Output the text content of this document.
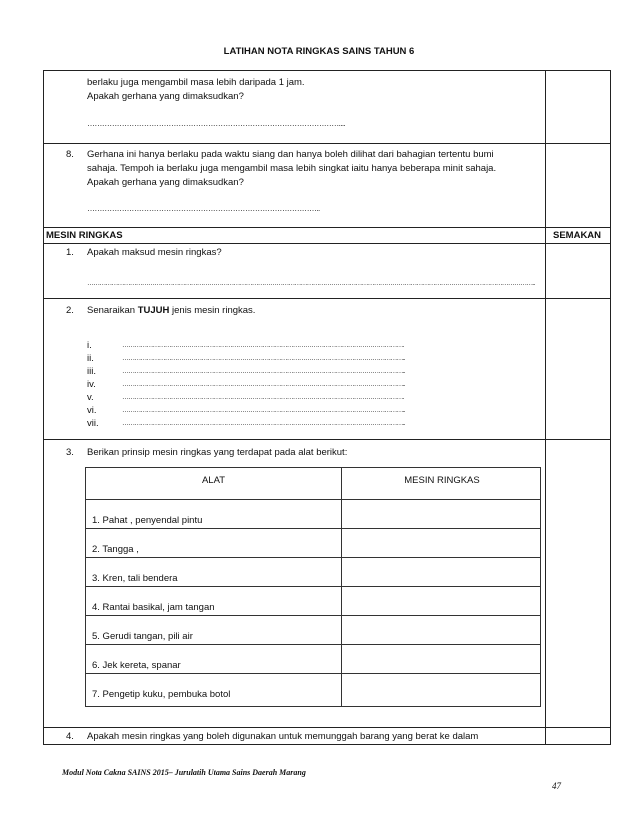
LATIHAN NOTA RINGKAS SAINS TAHUN 6
berlaku juga mengambil masa lebih daripada 1 jam.
Apakah gerhana yang dimaksudkan?
…………………………………………………………………………………………....
8. Gerhana ini hanya berlaku pada waktu siang dan hanya boleh dilihat dari bahagian tertentu bumi
sahaja. Tempoh ia berlaku juga mengambil masa lebih singkat iaitu hanya beberapa minit sahaja.
Apakah gerhana yang dimaksudkan?
…………………………………………………………………………………..
MESIN RINGKAS	SEMAKAN
1. Apakah maksud mesin ringkas?
…………………………………………………………………………………………………………………………………………………………………………………………………..
2. Senaraikan TUJUH jenis mesin ringkas.
i.	………………………………………………………………………………………………………………………….
ii.	…………………………………………………………………………………………………………………………..
iii.	…………………………………………………………………………………………………………………………..
iv.	…………………………………………………………………………………………………………………………..
v.	………………………………………………………………………………………………………………………….
vi.	…………………………………………………………………………………………………………………………..
vii.	…………………………………………………………………………………………………………………………..
3. Berikan prinsip mesin ringkas yang terdapat pada alat berikut:
ALAT	MESIN RINGKAS
1. Pahat , penyendal pintu
2. Tangga ,
3. Kren, tali bendera
4. Rantai basikal, jam tangan
5. Gerudi tangan, pili air
6. Jek kereta, spanar
7. Pengetip kuku, pembuka botol
4. Apakah mesin ringkas yang boleh digunakan untuk memunggah barang yang berat ke dalam
Modul Nota Cakna SAINS 2015– Jurulatih Utama Sains Daerah Marang
47
